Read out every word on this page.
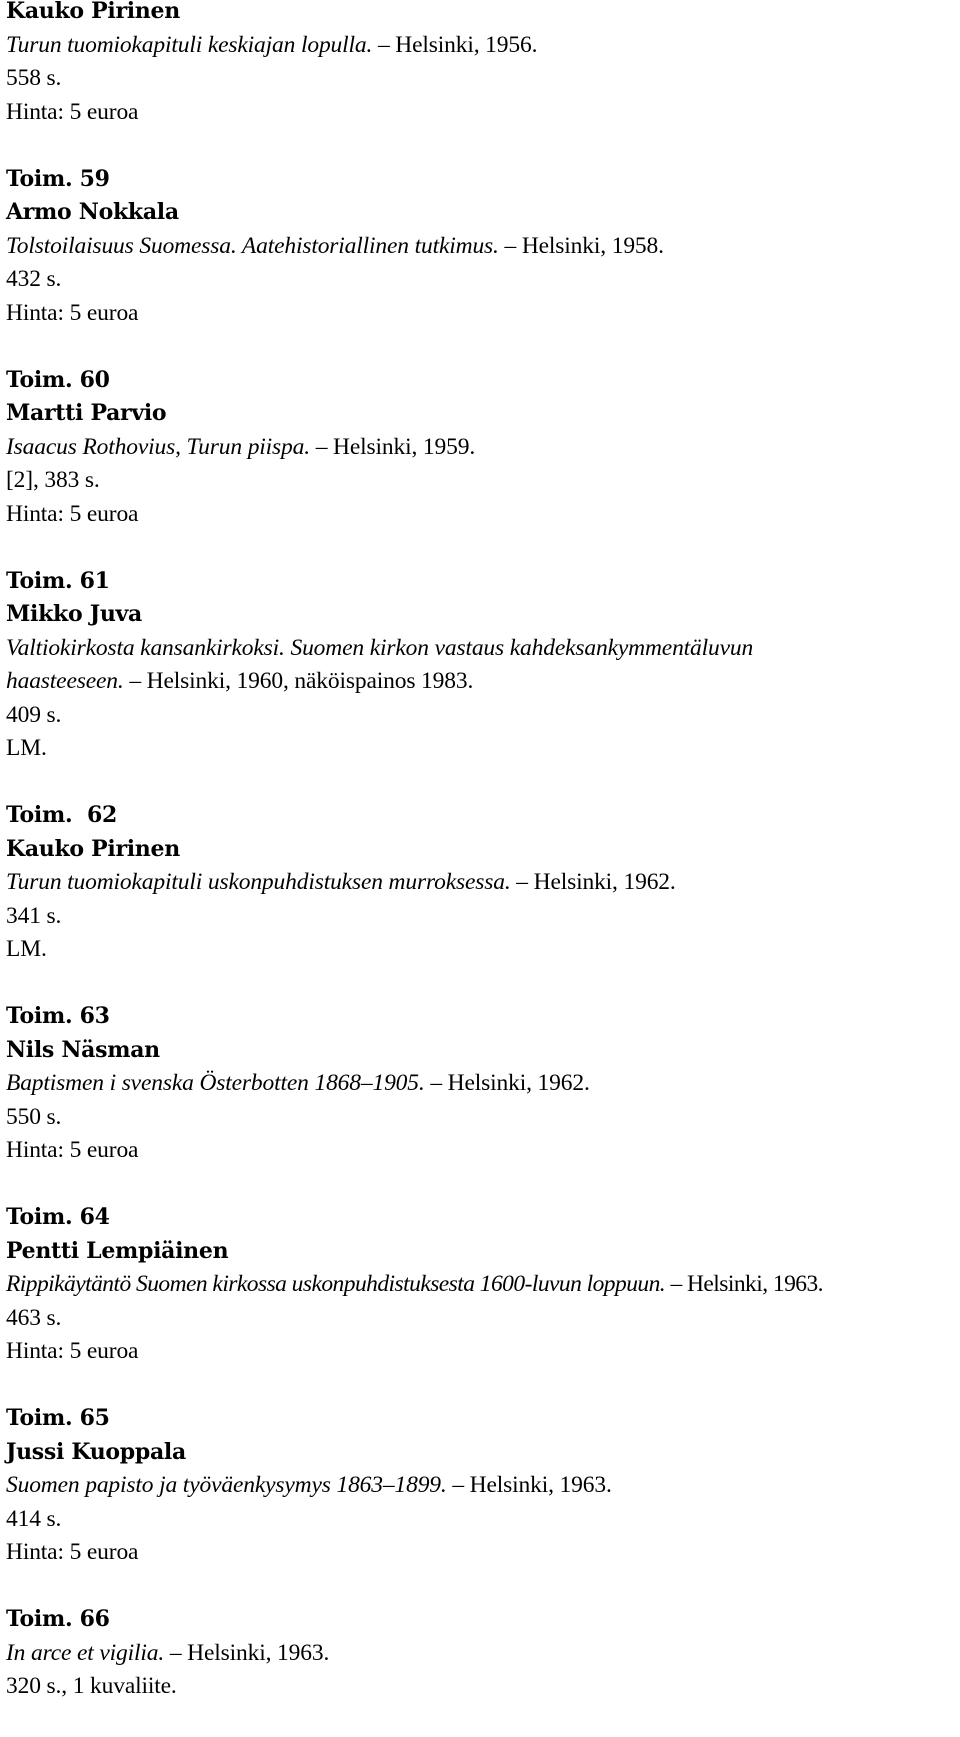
Kauko Pirinen
Turun tuomiokapituli keskiajan lopulla. – Helsinki, 1956.
558 s.
Hinta: 5 euroa
Toim. 59
Armo Nokkala
Tolstoilaisuus Suomessa. Aatehistoriallinen tutkimus. – Helsinki, 1958.
432 s.
Hinta: 5 euroa
Toim. 60
Martti Parvio
Isaacus Rothovius, Turun piispa. – Helsinki, 1959.
[2], 383 s.
Hinta: 5 euroa
Toim. 61
Mikko Juva
Valtiokirkosta kansankirkoksi. Suomen kirkon vastaus kahdeksankymmentäluvun
haasteeseen. – Helsinki, 1960, näköispainos 1983.
409 s.
LM.
Toim.  62
Kauko Pirinen
Turun tuomiokapituli uskonpuhdistuksen murroksessa. – Helsinki, 1962.
341 s.
LM.
Toim. 63
Nils Näsman
Baptismen i svenska Österbotten 1868–1905. – Helsinki, 1962.
550 s.
Hinta: 5 euroa
Toim. 64
Pentti Lempiäinen
Rippikäytäntö Suomen kirkossa uskonpuhdistuksesta 1600-luvun loppuun. – Helsinki, 1963.
463 s.
Hinta: 5 euroa
Toim. 65
Jussi Kuoppala
Suomen papisto ja työväenkysymys 1863–1899. – Helsinki, 1963.
414 s.
Hinta: 5 euroa
Toim. 66
In arce et vigilia. – Helsinki, 1963.
320 s., 1 kuvaliite.
